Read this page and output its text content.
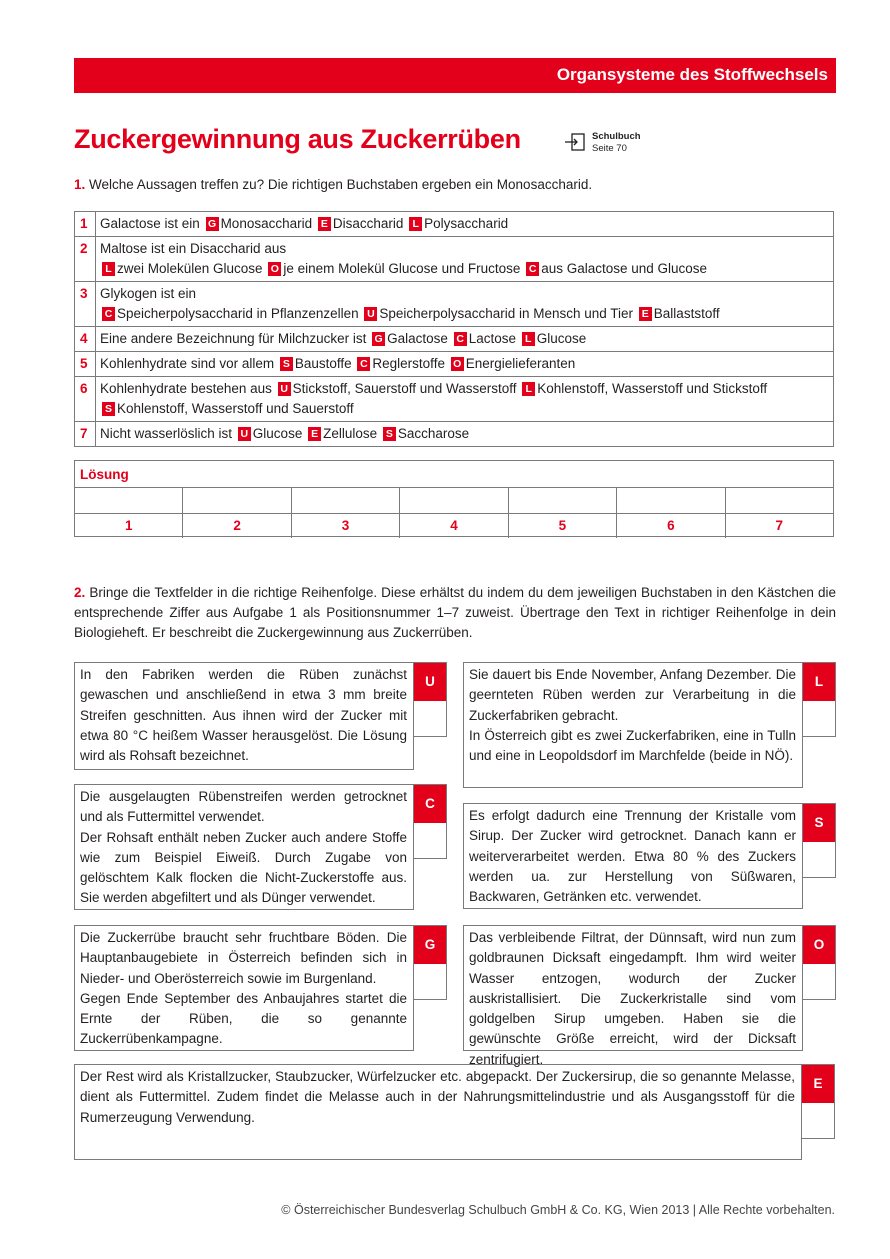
Organsysteme des Stoffwechsels
Zuckergewinnung aus Zuckerrüben	Schulbuch
Seite 70
1. Welche Aussagen treffen zu? Die richtigen Buchstaben ergeben ein Monosaccharid.
1	Galactose ist ein G Monosaccharid E Disaccharid L Polysaccharid

2	Maltose ist ein Disaccharid aus
L zwei Molekülen Glucose O je einem Molekül Glucose und Fructose C aus Galactose und Glucose

3	Glykogen ist ein
C Speicherpolysaccharid in Pflanzenzellen U Speicherpolysaccharid in Mensch und Tier E Ballaststoff

4	Eine andere Bezeichnung für Milchzucker ist G Galactose C Lactose L Glucose

5	Kohlenhydrate sind vor allem S Baustoffe C Reglerstoffe O Energielieferanten

6	Kohlenhydrate bestehen aus U Stickstoff, Sauerstoff und Wasserstoff L Kohlenstoff, Wasserstoff und Stickstoff
S Kohlenstoff, Wasserstoff und Sauerstoff

7	Nicht wasserlöslich ist U Glucose E Zellulose S Saccharose
Lösung
1	2	3	4	5	6	7
2. Bringe die Textfelder in die richtige Reihenfolge. Diese erhältst du indem du dem jeweiligen Buchstaben in den Kästchen die entsprechende Ziffer aus Aufgabe 1 als Positionsnummer 1–7 zuweist. Übertrage den Text in richtiger Reihenfolge in dein Biologieheft. Er beschreibt die Zuckergewinnung aus Zuckerrüben.
In den Fabriken werden die Rüben zunächst gewaschen und anschließend in etwa 3 mm breite Streifen geschnitten. Aus ihnen wird der Zucker mit etwa 80 °C heißem Wasser herausgelöst. Die Lösung wird als Rohsaft bezeichnet.
U	Sie dauert bis Ende November, Anfang Dezember. Die geernteten Rüben werden zur Verarbeitung in die Zuckerfabriken gebracht.
In Österreich gibt es zwei Zuckerfabriken, eine in Tulln und eine in Leopoldsdorf im Marchfelde (beide in NÖ).
L
Die ausgelaugten Rübenstreifen werden getrocknet und als Futtermittel verwendet.
Der Rohsaft enthält neben Zucker auch andere Stoffe wie zum Beispiel Eiweiß. Durch Zugabe von gelöschtem Kalk flocken die Nicht-Zuckerstoffe aus. Sie werden abgefiltert und als Dünger verwendet.
C
Es erfolgt dadurch eine Trennung der Kristalle vom Sirup. Der Zucker wird getrocknet. Danach kann er weiterverarbeitet werden. Etwa 80 % des Zuckers werden ua. zur Herstellung von Süßwaren, Backwaren, Getränken etc. verwendet.
S
Die Zuckerrübe braucht sehr fruchtbare Böden. Die Hauptanbaugebiete in Österreich befinden sich in Nieder- und Oberösterreich sowie im Burgenland.
Gegen Ende September des Anbaujahres startet die Ernte der Rüben, die so genannte Zuckerrübenkampagne.
G	Das verbleibende Filtrat, der Dünnsaft, wird nun zum goldbraunen Dicksaft eingedampft. Ihm wird weiter Wasser entzogen, wodurch der Zucker auskristallisiert. Die Zuckerkristalle sind vom goldgelben Sirup umgeben. Haben sie die gewünschte Größe erreicht, wird der Dicksaft zentrifugiert.
O
Der Rest wird als Kristallzucker, Staubzucker, Würfelzucker etc. abgepackt. Der Zuckersirup, die so genannte Melasse, dient als Futtermittel. Zudem findet die Melasse auch in der Nahrungsmittelindustrie und als Ausgangsstoff für die Rumerzeugung Verwendung.
E
© Österreichischer Bundesverlag Schulbuch GmbH & Co. KG, Wien 2013 | Alle Rechte vorbehalten.
